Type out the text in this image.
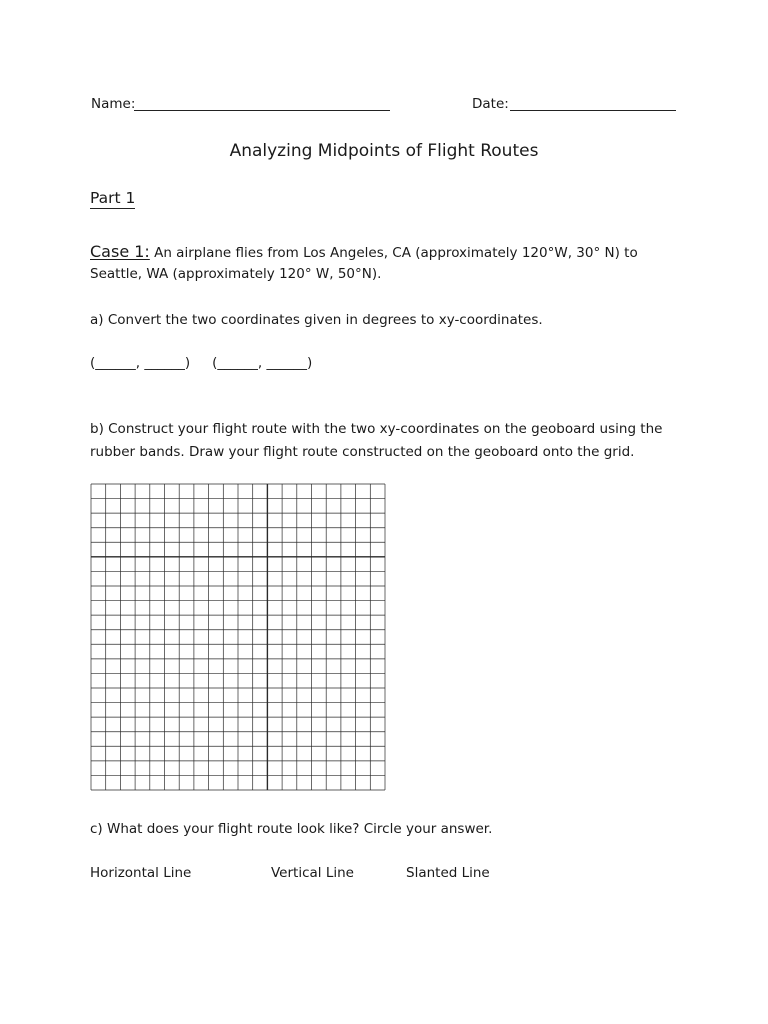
Name:	Date:
Analyzing Midpoints of Flight Routes
Part 1
Case 1: An airplane flies from Los Angeles, CA (approximately 120°W, 30° N) to
Seattle, WA (approximately 120° W, 50°N).
a) Convert the two coordinates given in degrees to xy-coordinates.
(______, ______) (______, ______)
b) Construct your flight route with the two xy-coordinates on the geoboard using the
rubber bands. Draw your flight route constructed on the geoboard onto the grid.
c) What does your flight route look like? Circle your answer.
Horizontal Line	Vertical Line	Slanted Line
